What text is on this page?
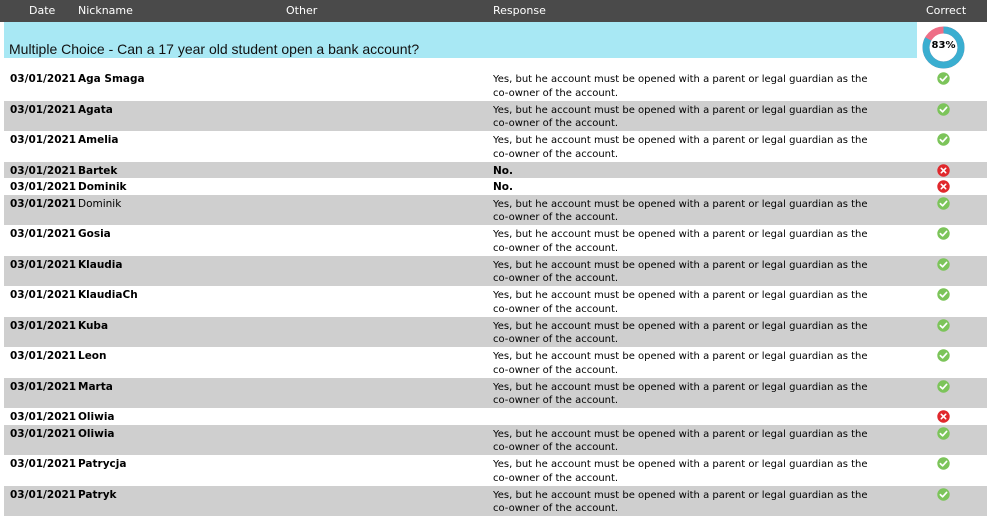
Date Nickname	Other	Response	Correct
Multiple Choice - Can a 17 year old student open a bank account?	83%
03/01/2021 Aga Smaga	Yes, but he account must be opened with a parent or legal guardian as the co-owner of the account.
03/01/2021 Agata	Yes, but he account must be opened with a parent or legal guardian as the co-owner of the account.
03/01/2021 Amelia	Yes, but he account must be opened with a parent or legal guardian as the co-owner of the account.
03/01/2021 Bartek	No.
03/01/2021 Dominik	No.
03/01/2021 Dominik	Yes, but he account must be opened with a parent or legal guardian as the co-owner of the account.
03/01/2021 Gosia	Yes, but he account must be opened with a parent or legal guardian as the co-owner of the account.
03/01/2021 Klaudia	Yes, but he account must be opened with a parent or legal guardian as the co-owner of the account.
03/01/2021 KlaudiaCh	Yes, but he account must be opened with a parent or legal guardian as the co-owner of the account.
03/01/2021 Kuba	Yes, but he account must be opened with a parent or legal guardian as the co-owner of the account.
03/01/2021 Leon	Yes, but he account must be opened with a parent or legal guardian as the co-owner of the account.
03/01/2021 Marta	Yes, but he account must be opened with a parent or legal guardian as the co-owner of the account.
03/01/2021 Oliwia
03/01/2021 Oliwia	Yes, but he account must be opened with a parent or legal guardian as the co-owner of the account.
03/01/2021 Patrycja	Yes, but he account must be opened with a parent or legal guardian as the co-owner of the account.
03/01/2021 Patryk	Yes, but he account must be opened with a parent or legal guardian as the co-owner of the account.
